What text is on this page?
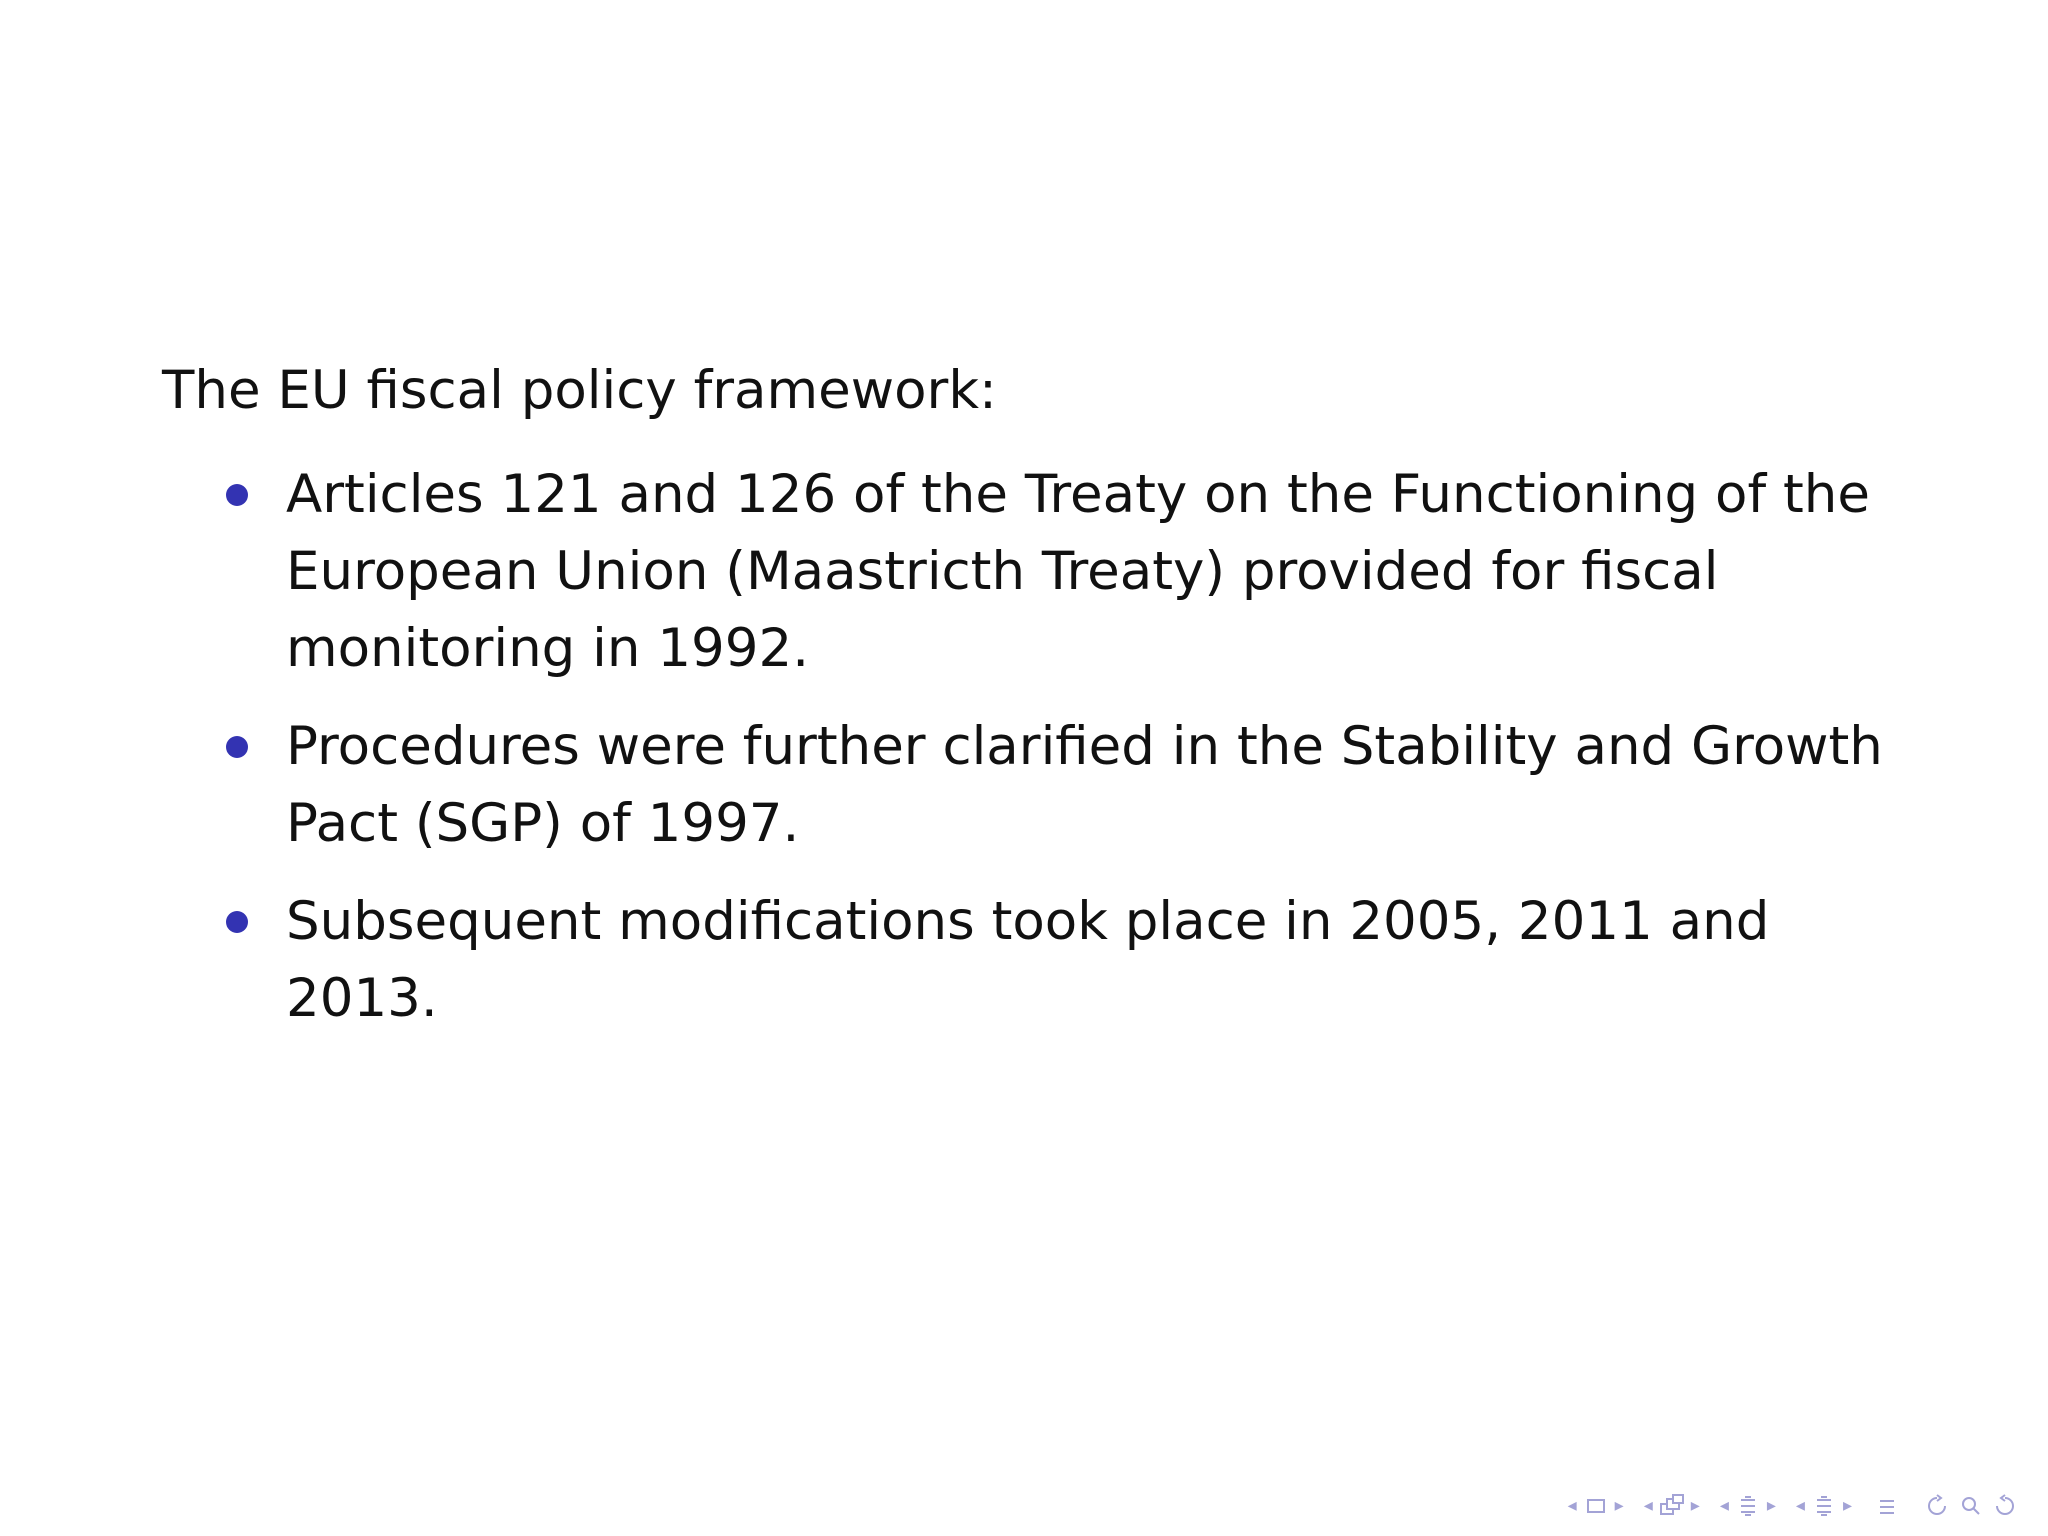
The EU fiscal policy framework:

Articles 121 and 126 of the Treaty on the Functioning of the European Union (Maastricth Treaty) provided for fiscal monitoring in 1992.
Procedures were further clarified in the Stability and Growth Pact (SGP) of 1997.
Subsequent modifications took place in 2005, 2011 and 2013.
◂ ▸ ◂ ▸ ◂ ▸ ◂ ▸
